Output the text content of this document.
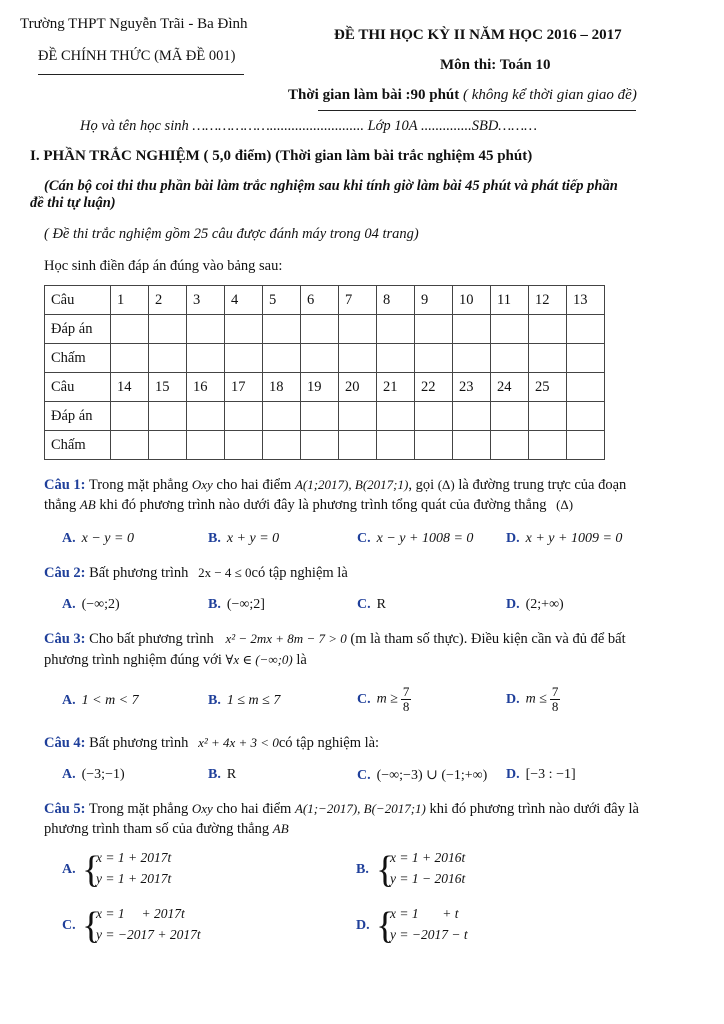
Trường THPT Nguyễn Trãi - Ba Đình
ĐỀ CHÍNH THỨC (MÃ ĐỀ 001)
ĐỀ THI HỌC KỲ II NĂM HỌC 2016 – 2017
Môn thi: Toán 10
Thời gian làm bài :90 phút ( không kể thời gian giao đề)
Họ và tên học sinh ……………….......................... Lớp 10A ..............SBD………
I. PHẦN TRẮC NGHIỆM ( 5,0 điểm) (Thời gian làm bài trắc nghiệm 45 phút)
(Cán bộ coi thi thu phần bài làm trắc nghiệm sau khi tính giờ làm bài 45 phút và phát tiếp phần
đề thi tự luận)
( Đề thi trắc nghiệm gồm 25 câu được đánh máy trong 04 trang)
Học sinh điền đáp án đúng vào bảng sau:
Câu	1	2	3	4	5	6	7	8	9	10	11	12	13
Đáp án													
Chấm													
Câu	14	15	16	17	18	19	20	21	22	23	24	25	
Đáp án													
Chấm													
Câu 1: Trong mặt phẳng Oxy cho hai điểm A(1;2017), B(2017;1), gọi (Δ) là đường trung trực của đoạn
thẳng AB khi đó phương trình nào dưới đây là phương trình tổng quát của đường thẳng (Δ)
A. x − y = 0	B. x + y = 0	C. x − y + 1008 = 0 D. x + y + 1009 = 0
Câu 2: Bất phương trình 2x − 4 ≤ 0có tập nghiệm là
A. (−∞;2)	B. (−∞;2]	C. R	D. (2;+∞)
Câu 3: Cho bất phương trình x² − 2mx + 8m − 7 > 0 (m là tham số thực). Điều kiện cần và đủ để bất
phương trình nghiệm đúng với ∀x ∈ (−∞;0) là
A. 1 < m < 7	B. 1 ≤ m ≤ 7	C. $m \ge \frac{7}{8}$	D. $m \le \frac{7}{8}$
Câu 4: Bất phương trình x² + 4x + 3 < 0có tập nghiệm là:
A. (−3;−1)	B. R	C. (−∞;−3) ∪ (−1;+∞) D. [−3 : −1]
Câu 5: Trong mặt phẳng Oxy cho hai điểm A(1;−2017), B(−2017;1) khi đó phương trình nào dưới đây là
phương trình tham số của đường thẳng AB
A. {
x = 1 + 2017t
y = 1 + 2017t
B. {
x = 1 + 2016t
y = 1 − 2016t
C.

{

x = 1     + 2017t

y = −2017 + 2017t

D. {
x = 1       + t
y = −2017 − t
